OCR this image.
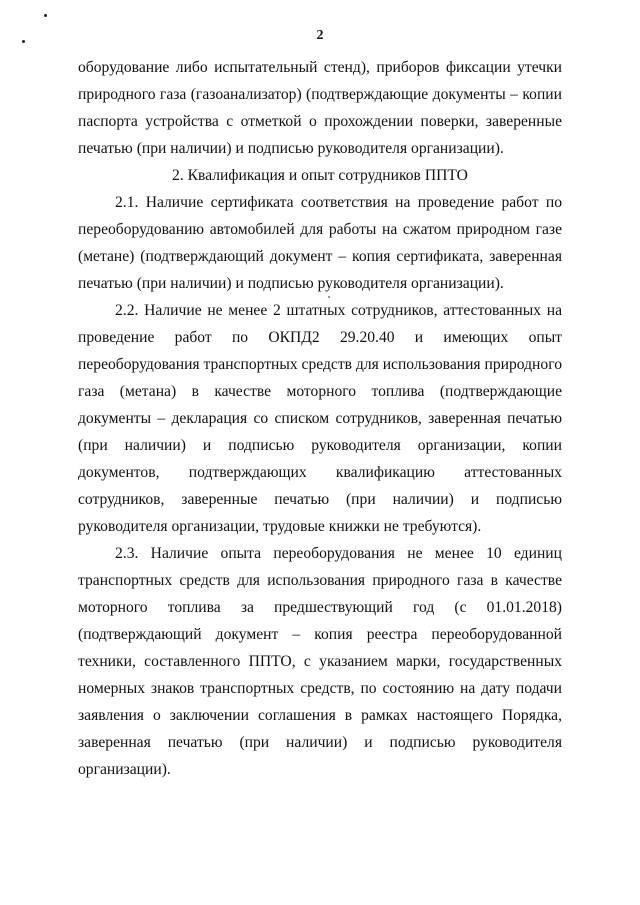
2

оборудование либо испытательный стенд), приборов фиксации утечки природного газа (газоанализатор) (подтверждающие документы – копии паспорта устройства с отметкой о прохождении поверки, заверенные печатью (при наличии) и подписью руководителя организации).

2. Квалификация и опыт сотрудников ППТО

2.1. Наличие сертификата соответствия на проведение работ по переоборудованию автомобилей для работы на сжатом природном газе (метане) (подтверждающий документ – копия сертификата, заверенная печатью (при наличии) и подписью руководителя организации).

2.2. Наличие не менее 2 штатных сотрудников, аттестованных на проведение работ по ОКПД2 29.20.40 и имеющих опыт переоборудования транспортных средств для использования природного газа (метана) в качестве моторного топлива (подтверждающие документы – декларация со списком сотрудников, заверенная печатью (при наличии) и подписью руководителя организации, копии документов, подтверждающих квалификацию аттестованных сотрудников, заверенные печатью (при наличии) и подписью руководителя организации, трудовые книжки не требуются).

2.3. Наличие опыта переоборудования не менее 10 единиц транспортных средств для использования природного газа в качестве моторного топлива за предшествующий год (с 01.01.2018) (подтверждающий документ – копия реестра переоборудованной техники, составленного ППТО, с указанием марки, государственных номерных знаков транспортных средств, по состоянию на дату подачи заявления о заключении соглашения в рамках настоящего Порядка, заверенная печатью (при наличии) и подписью руководителя организации).
